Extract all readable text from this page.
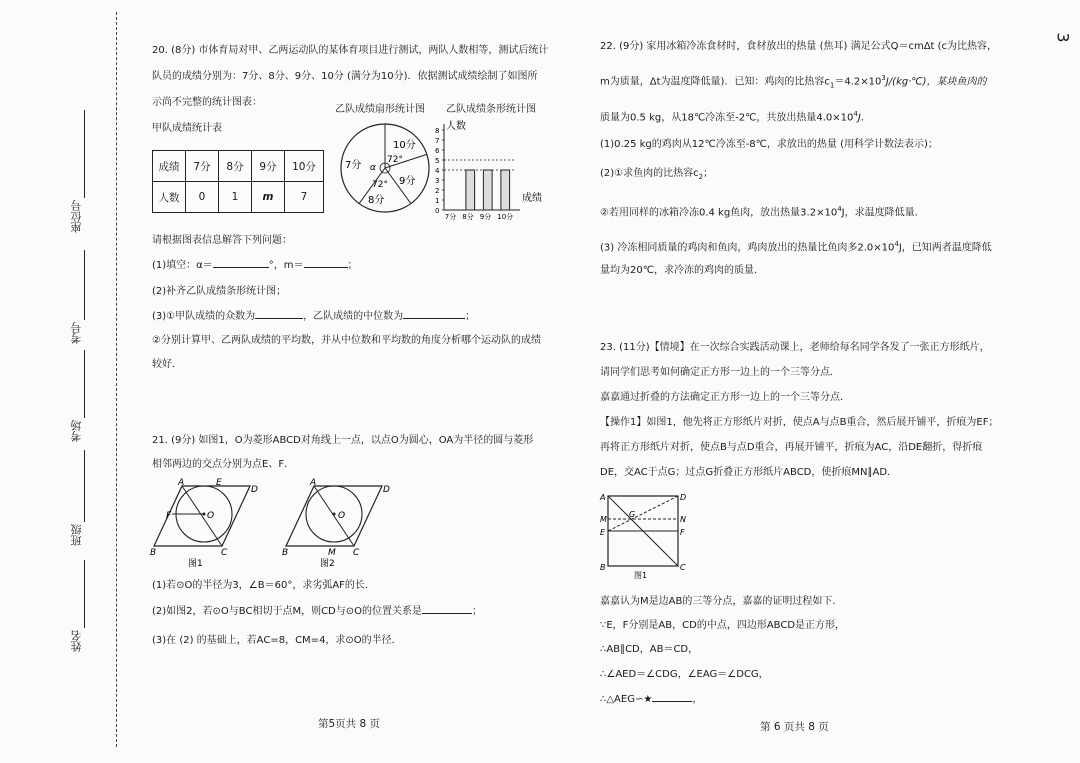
3
座位号
考号
考场
班级
姓名
20. (8分) 市体育局对甲、乙两运动队的某体育项目进行测试，两队人数相等，测试后统计
队员的成绩分别为：7分、8分、9分、10分 (满分为10分)．依据测试成绩绘制了如图所
示尚不完整的统计图表：
甲队成绩统计表
成绩	7分	8分	9分	10分
人数	0	1	m	7
乙队成绩扇形统计图
10分
7分
9分
8分
α
72°
72°
乙队成绩条形统计图
人数
成绩
8
7
6
5
4
3
2
1
0
7分 8分 9分 10分
请根据图表信息解答下列问题：
(1)填空：α＝	°，m＝	；
(2)补齐乙队成绩条形统计图；
(3)①甲队成绩的众数为	，乙队成绩的中位数为	；
②分别计算甲、乙两队成绩的平均数，并从中位数和平均数的角度分析哪个运动队的成绩
较好．
21. (9分) 如图1，O为菱形ABCD对角线上一点，以点O为圆心，OA为半径的圆与菱形
相邻两边的交点分别为点E、F．
A	E
D
F	O
B	C
图1
A
D
O
B	M C
图2
(1)若⊙O的半径为3，∠B＝60°，求劣弧AF的长．
(2)如图2，若⊙O与BC相切于点M，则CD与⊙O的位置关系是	；
(3)在 (2) 的基础上，若AC=8，CM=4，求⊙O的半径．
第5页共 8 页
22. (9分) 家用冰箱冷冻食材时，食材放出的热量 (焦耳) 满足公式Q＝cmΔt (c为比热容，
m为质量，Δt为温度降低量)．已知：鸡肉的比热容$c_1=4.2\times 10^3J/(kg\cdot℃)$，某块鱼肉的
质量为0.5 kg，从18℃冷冻至-2℃，共放出热量$4.0\times 10^4J$．
(1)0.25 kg的鸡肉从12℃冷冻至-8℃，求放出的热量 (用科学计数法表示)；
(2)①求鱼肉的比热容$c_2$；
②若用同样的冰箱冷冻0.4 kg鱼肉，放出热量$3.2\times 10^4J$，求温度降低量．
(3) 冷冻相同质量的鸡肉和鱼肉，鸡肉放出的热量比鱼肉多$2.0\times 10^4J$，已知两者温度降低
量均为20℃，求冷冻的鸡肉的质量．
23. (11分)【情境】在一次综合实践活动课上，老师给每名同学各发了一张正方形纸片，
请同学们思考如何确定正方形一边上的一个三等分点．
嘉嘉通过折叠的方法确定正方形一边上的一个三等分点．
【操作1】如图1，他先将正方形纸片对折，使点A与点B重合，然后展开铺平，折痕为EF；
再将正方形纸片对折，使点B与点D重合，再展开铺平，折痕为AC，沿DE翻折，得折痕
DE，交AC于点G；过点G折叠正方形纸片ABCD，使折痕MN∥AD．
A	D
M	N
G
E	F
B	C
图1
嘉嘉认为M是边AB的三等分点，嘉嘉的证明过程如下．
∵E，F分别是AB，CD的中点，四边形ABCD是正方形，
∴AB∥CD，AB＝CD，
∴∠AED＝∠CDG，∠EAG＝∠DCG，
∴△AEG∽★	，
第 6 页共 8 页
